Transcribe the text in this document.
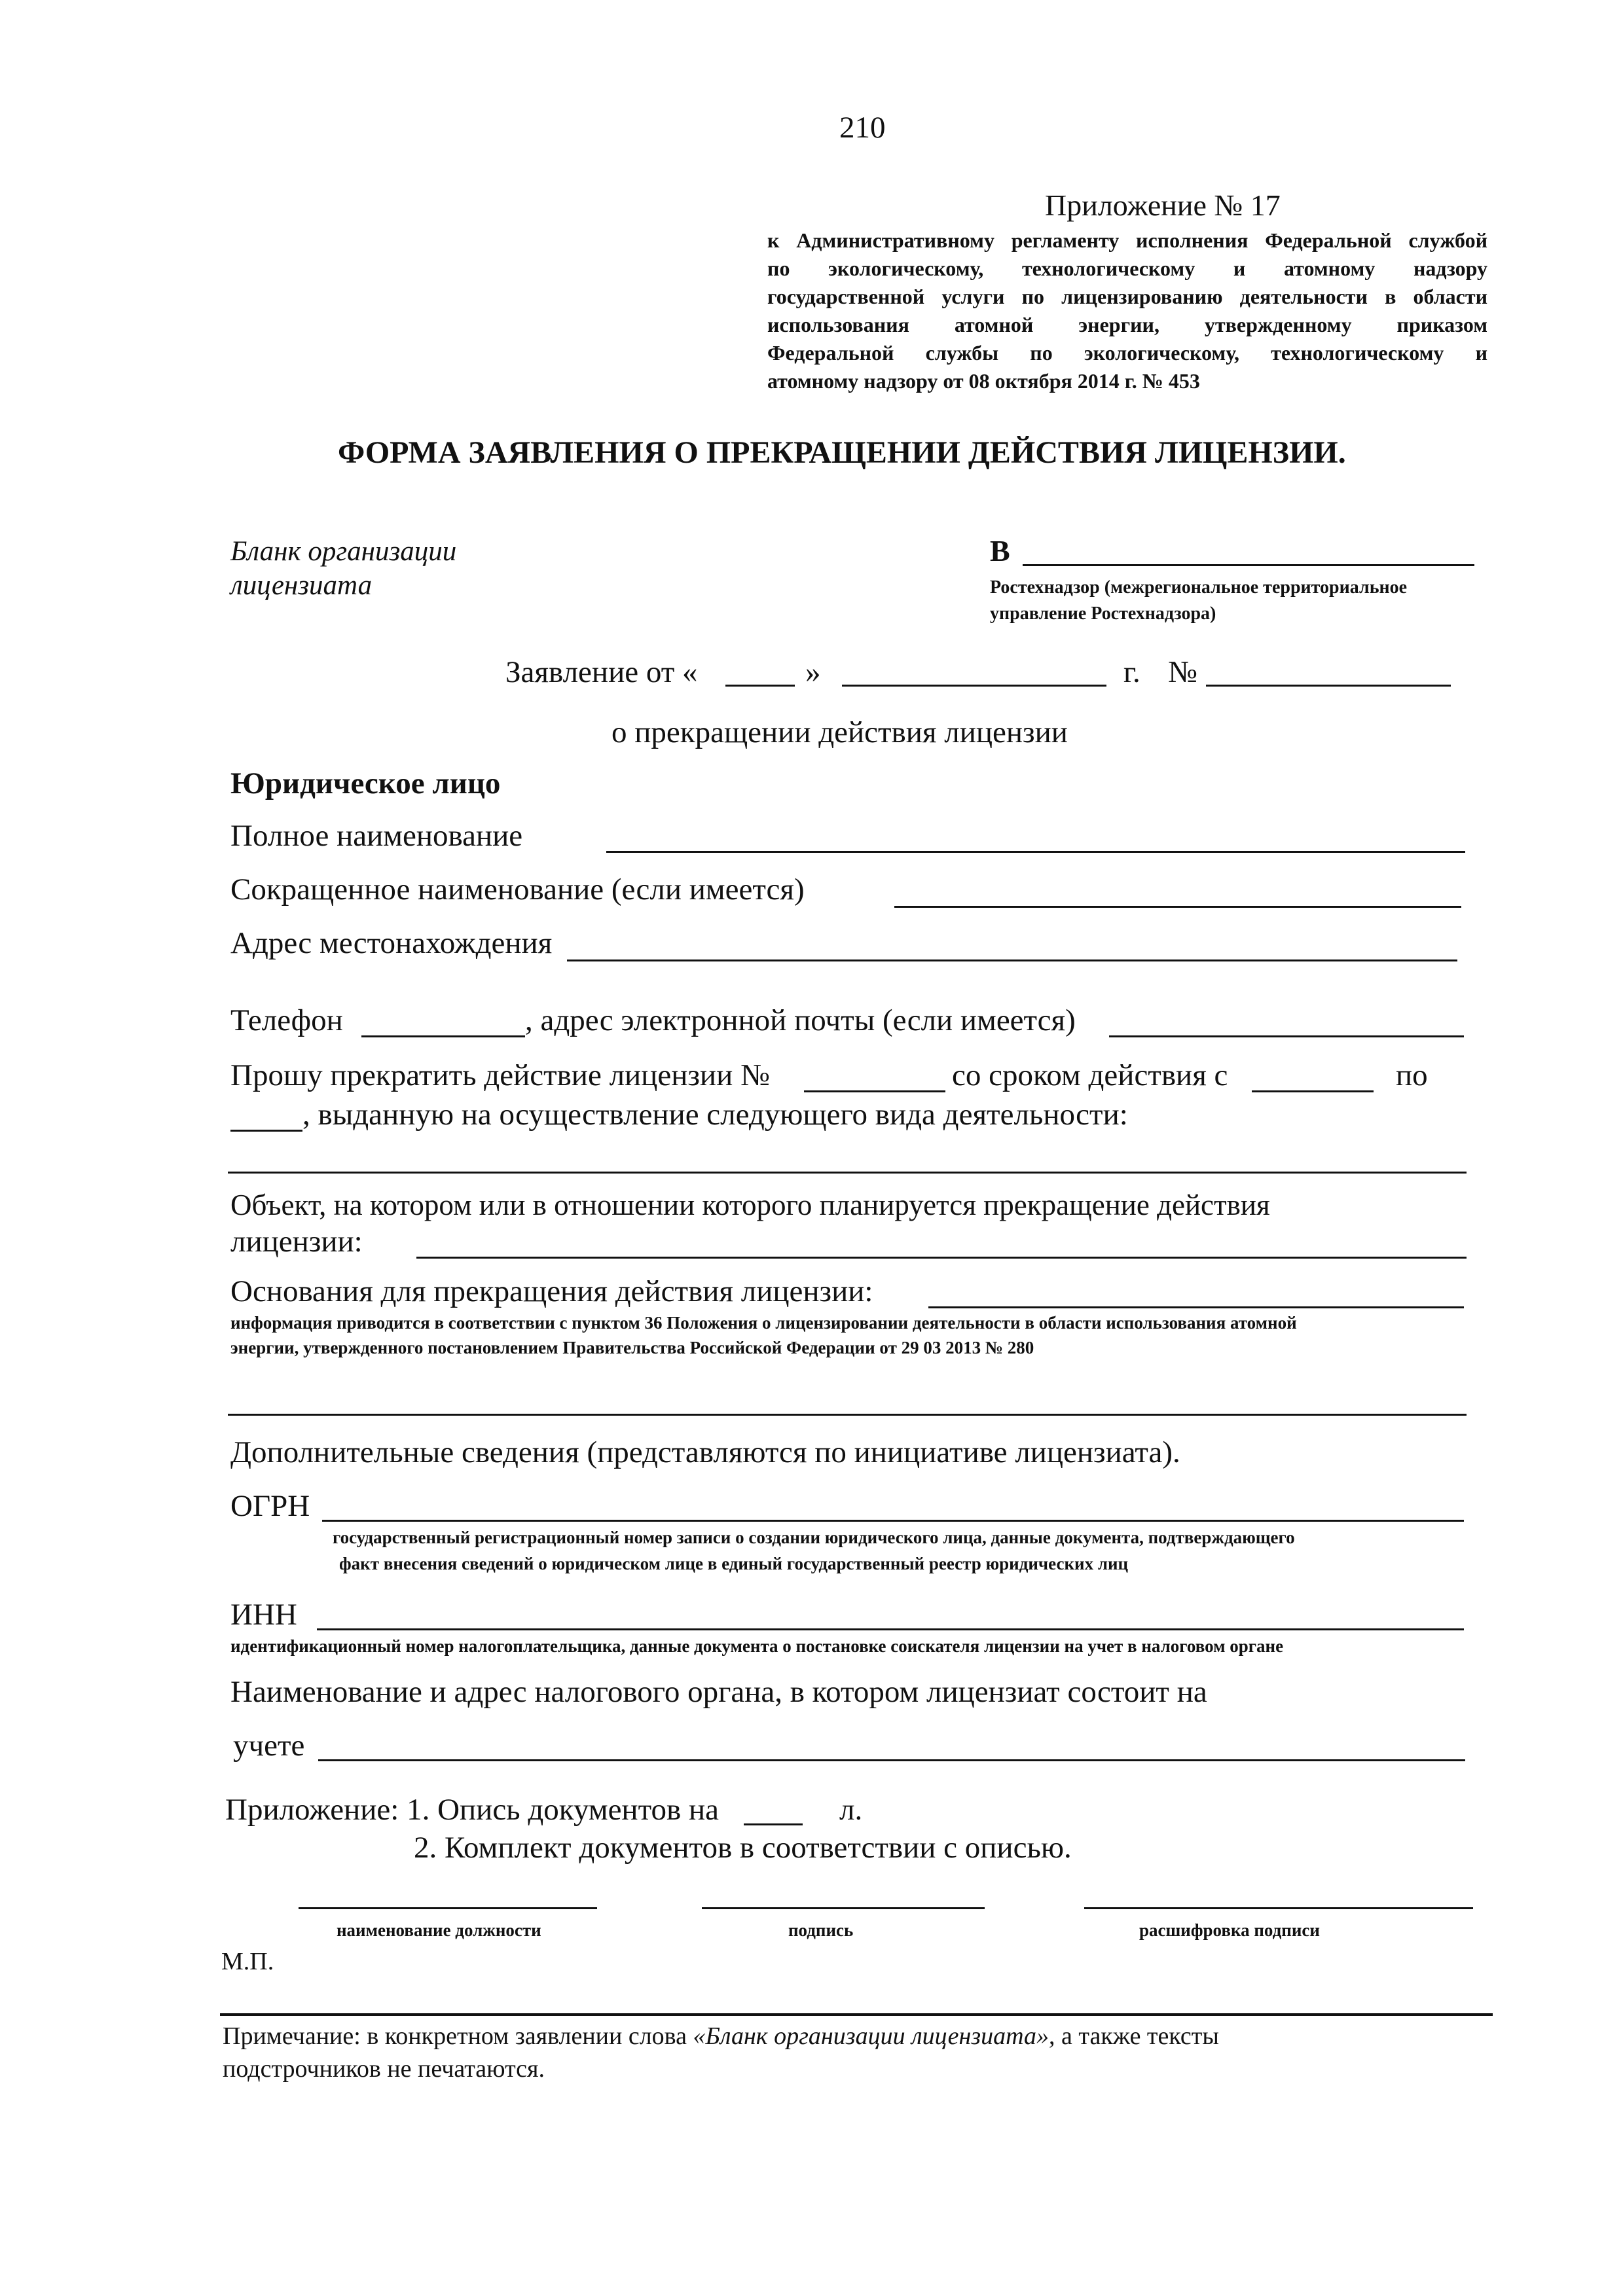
210
Приложение № 17
к Административному регламенту исполнения Федеральной службой
по экологическому, технологическому и атомному надзору
государственной услуги по лицензированию деятельности в области
использования атомной энергии, утвержденному приказом
Федеральной службы по экологическому, технологическому и
атомному надзору от 08 октября 2014 г. № 453
ФОРМА ЗАЯВЛЕНИЯ О ПРЕКРАЩЕНИИ ДЕЙСТВИЯ ЛИЦЕНЗИИ.
Бланк организации
лицензиата
В
Ростехнадзор (межрегиональное территориальное
управление Ростехнадзора)
Заявление от «	»	г. №
о прекращении действия лицензии
Юридическое лицо
Полное наименование
Сокращенное наименование (если имеется)
Адрес местонахождения
Телефон	, адрес электронной почты (если имеется)
Прошу прекратить действие лицензии №	со сроком действия с	по
, выданную на осуществление следующего вида деятельности:
Объект, на котором или в отношении которого планируется прекращение действия
лицензии:
Основания для прекращения действия лицензии:
информация приводится в соответствии с пунктом 36 Положения о лицензировании деятельности в области использования атомной
энергии, утвержденного постановлением Правительства Российской Федерации от 29 03 2013 № 280
Дополнительные сведения (представляются по инициативе лицензиата).
ОГРН
государственный регистрационный номер записи о создании юридического лица, данные документа, подтверждающего
факт внесения сведений о юридическом лице в единый государственный реестр юридических лиц
ИНН
идентификационный номер налогоплательщика, данные документа о постановке соискателя лицензии на учет в налоговом органе
Наименование и адрес налогового органа, в котором лицензиат состоит на
учете
Приложение: 1. Опись документов на	л.
2. Комплект документов в соответствии с описью.
наименование должности	подпись	расшифровка подписи
М.П.
Примечание: в конкретном заявлении слова «Бланк организации лицензиата», а также тексты
подстрочников не печатаются.
